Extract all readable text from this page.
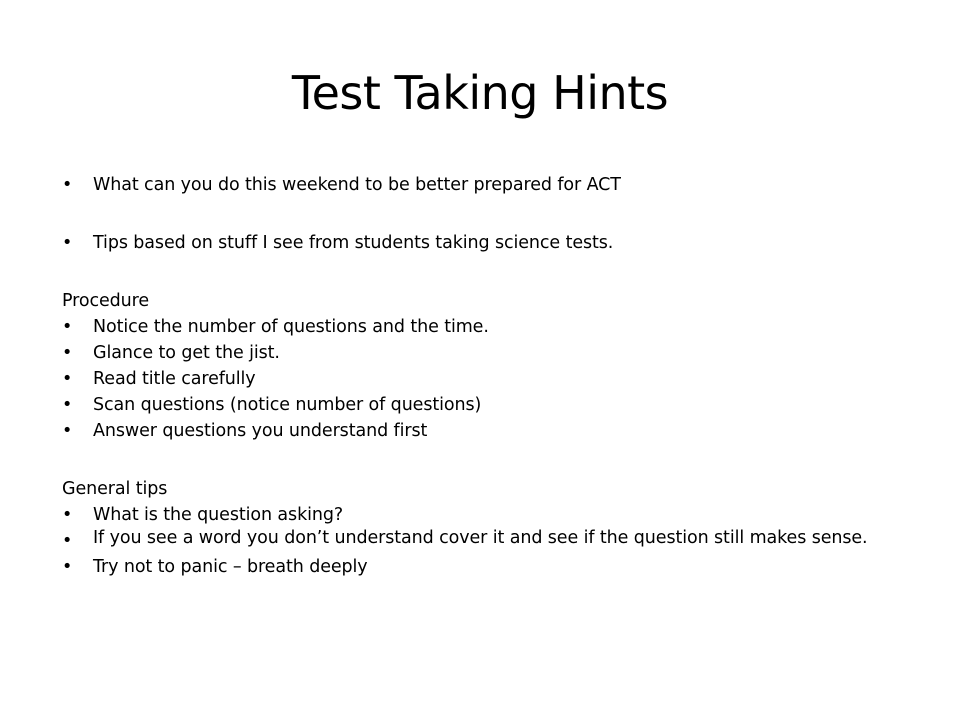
Test Taking Hints
• What can you do this weekend to be better prepared for ACT
• Tips based on stuff I see from students taking science tests.
Procedure
• Notice the number of questions and the time.
• Glance to get the jist.
• Read title carefully
• Scan questions (notice number of questions)
• Answer questions you understand first
General tips
• What is the question asking?
• If you see a word you don’t understand cover it and see if the question still makes sense.
• Try not to panic – breath deeply
